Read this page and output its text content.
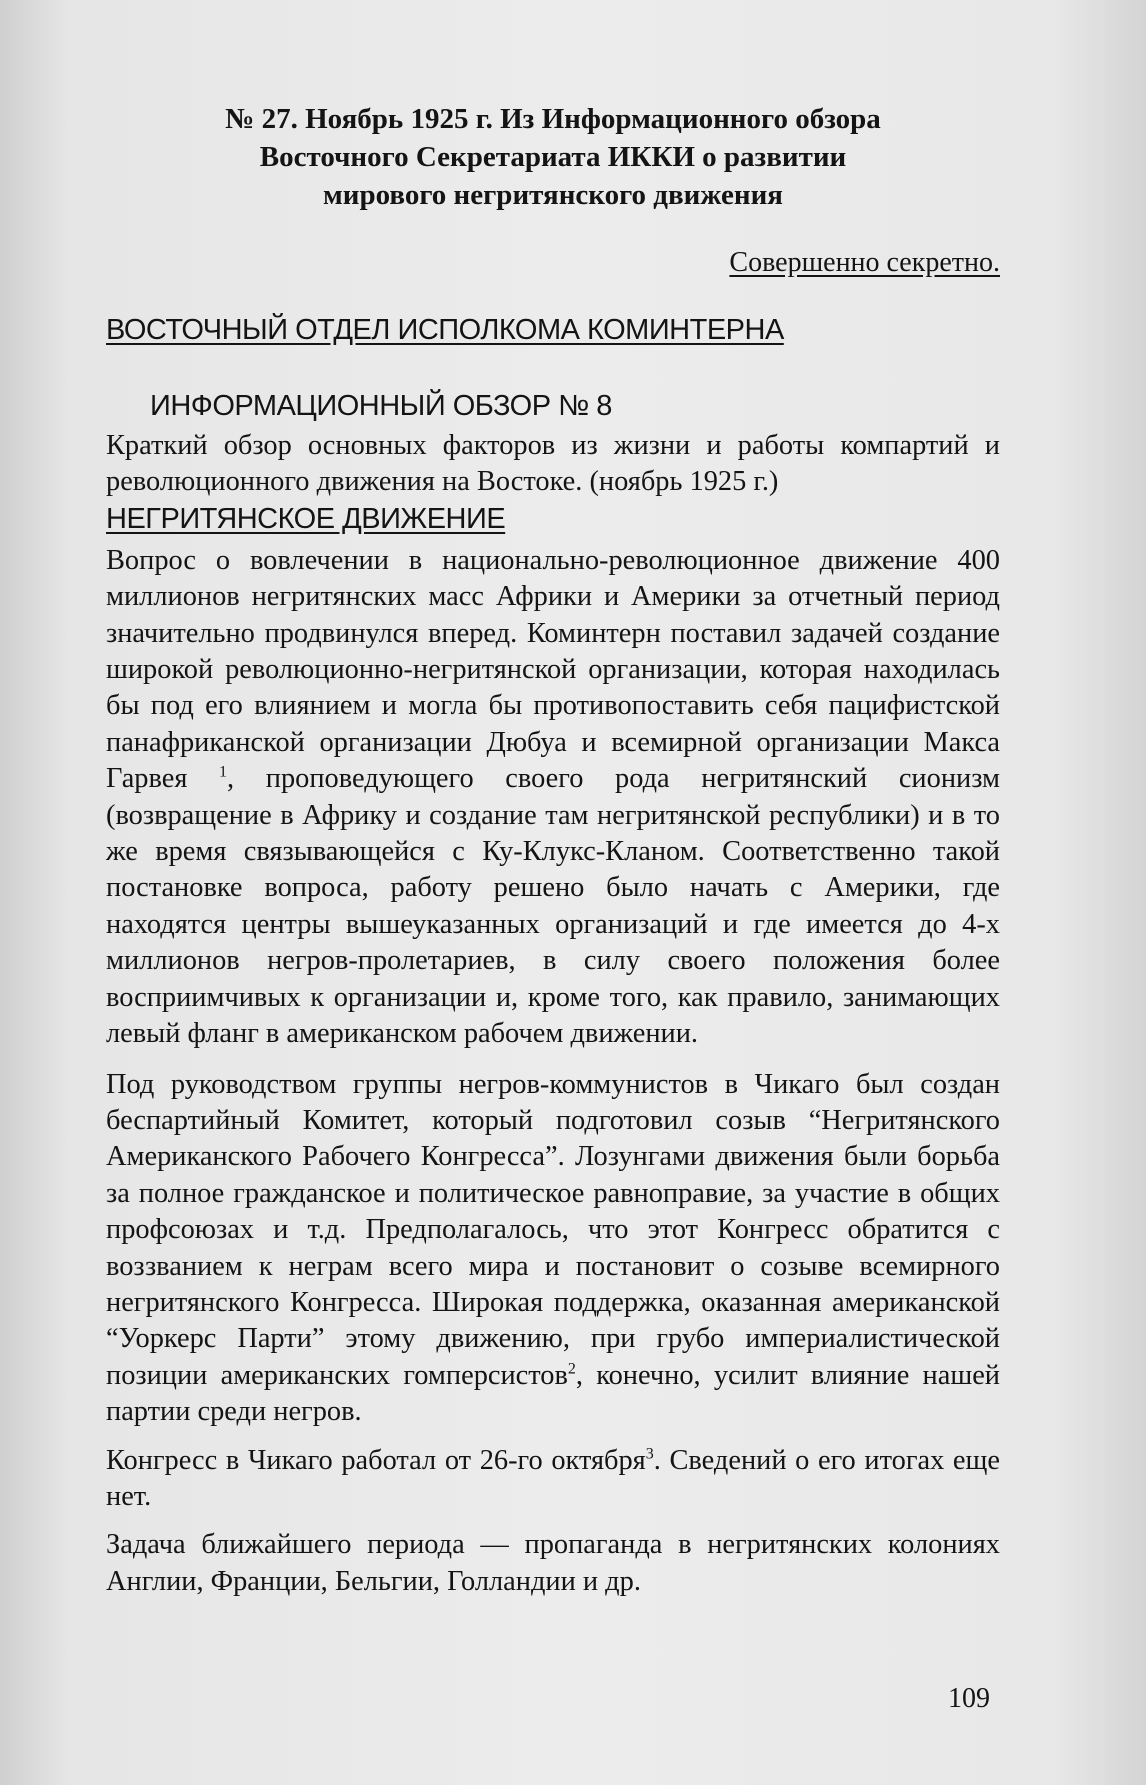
№ 27. Ноябрь 1925 г. Из Информационного обзора
Восточного Секретариата ИККИ о развитии
мирового негритянского движения

Совершенно секретно.

ВОСТОЧНЫЙ ОТДЕЛ ИСПОЛКОМА КОМИНТЕРНА

ИНФОРМАЦИОННЫЙ ОБЗОР № 8

Краткий обзор основных факторов из жизни и работы компартий и революционного движения на Востоке. (ноябрь 1925 г.)

НЕГРИТЯНСКОЕ ДВИЖЕНИЕ

Вопрос о вовлечении в национально-революционное движение 400 миллионов негритянских масс Африки и Америки за отчетный период значительно продвинулся вперед. Коминтерн поставил задачей создание широкой революционно-негритянской организации, которая находилась бы под его влиянием и могла бы противопоставить себя пацифистской панафриканской организации Дюбуа и всемирной организации Макса Гарвея $^1$, проповедующего своего рода негритянский сионизм (возвращение в Африку и создание там негритянской республики) и в то же время связывающейся с Ку-Клукс-Кланом. Соответственно такой постановке вопроса, работу решено было начать с Америки, где находятся центры вышеуказанных организаций и где имеется до 4-х миллионов негров-пролетариев, в силу своего положения более восприимчивых к организации и, кроме того, как правило, занимающих левый фланг в американском рабочем движении.

Под руководством группы негров-коммунистов в Чикаго был создан беспартийный Комитет, который подготовил созыв “Негритянского Американского Рабочего Конгресса”. Лозунгами движения были борьба за полное гражданское и политическое равноправие, за участие в общих профсоюзах и т.д. Предполагалось, что этот Конгресс обратится с воззванием к неграм всего мира и постановит о созыве всемирного негритянского Конгресса. Широкая поддержка, оказанная американской “Уоркерс Парти” этому движению, при грубо империалистической позиции американских гомперсистов$^2$, конечно, усилит влияние нашей партии среди негров.

Конгресс в Чикаго работал от 26-го октября$^3$. Сведений о его итогах еще нет.

Задача ближайшего периода — пропаганда в негритянских колониях Англии, Франции, Бельгии, Голландии и др.

109
